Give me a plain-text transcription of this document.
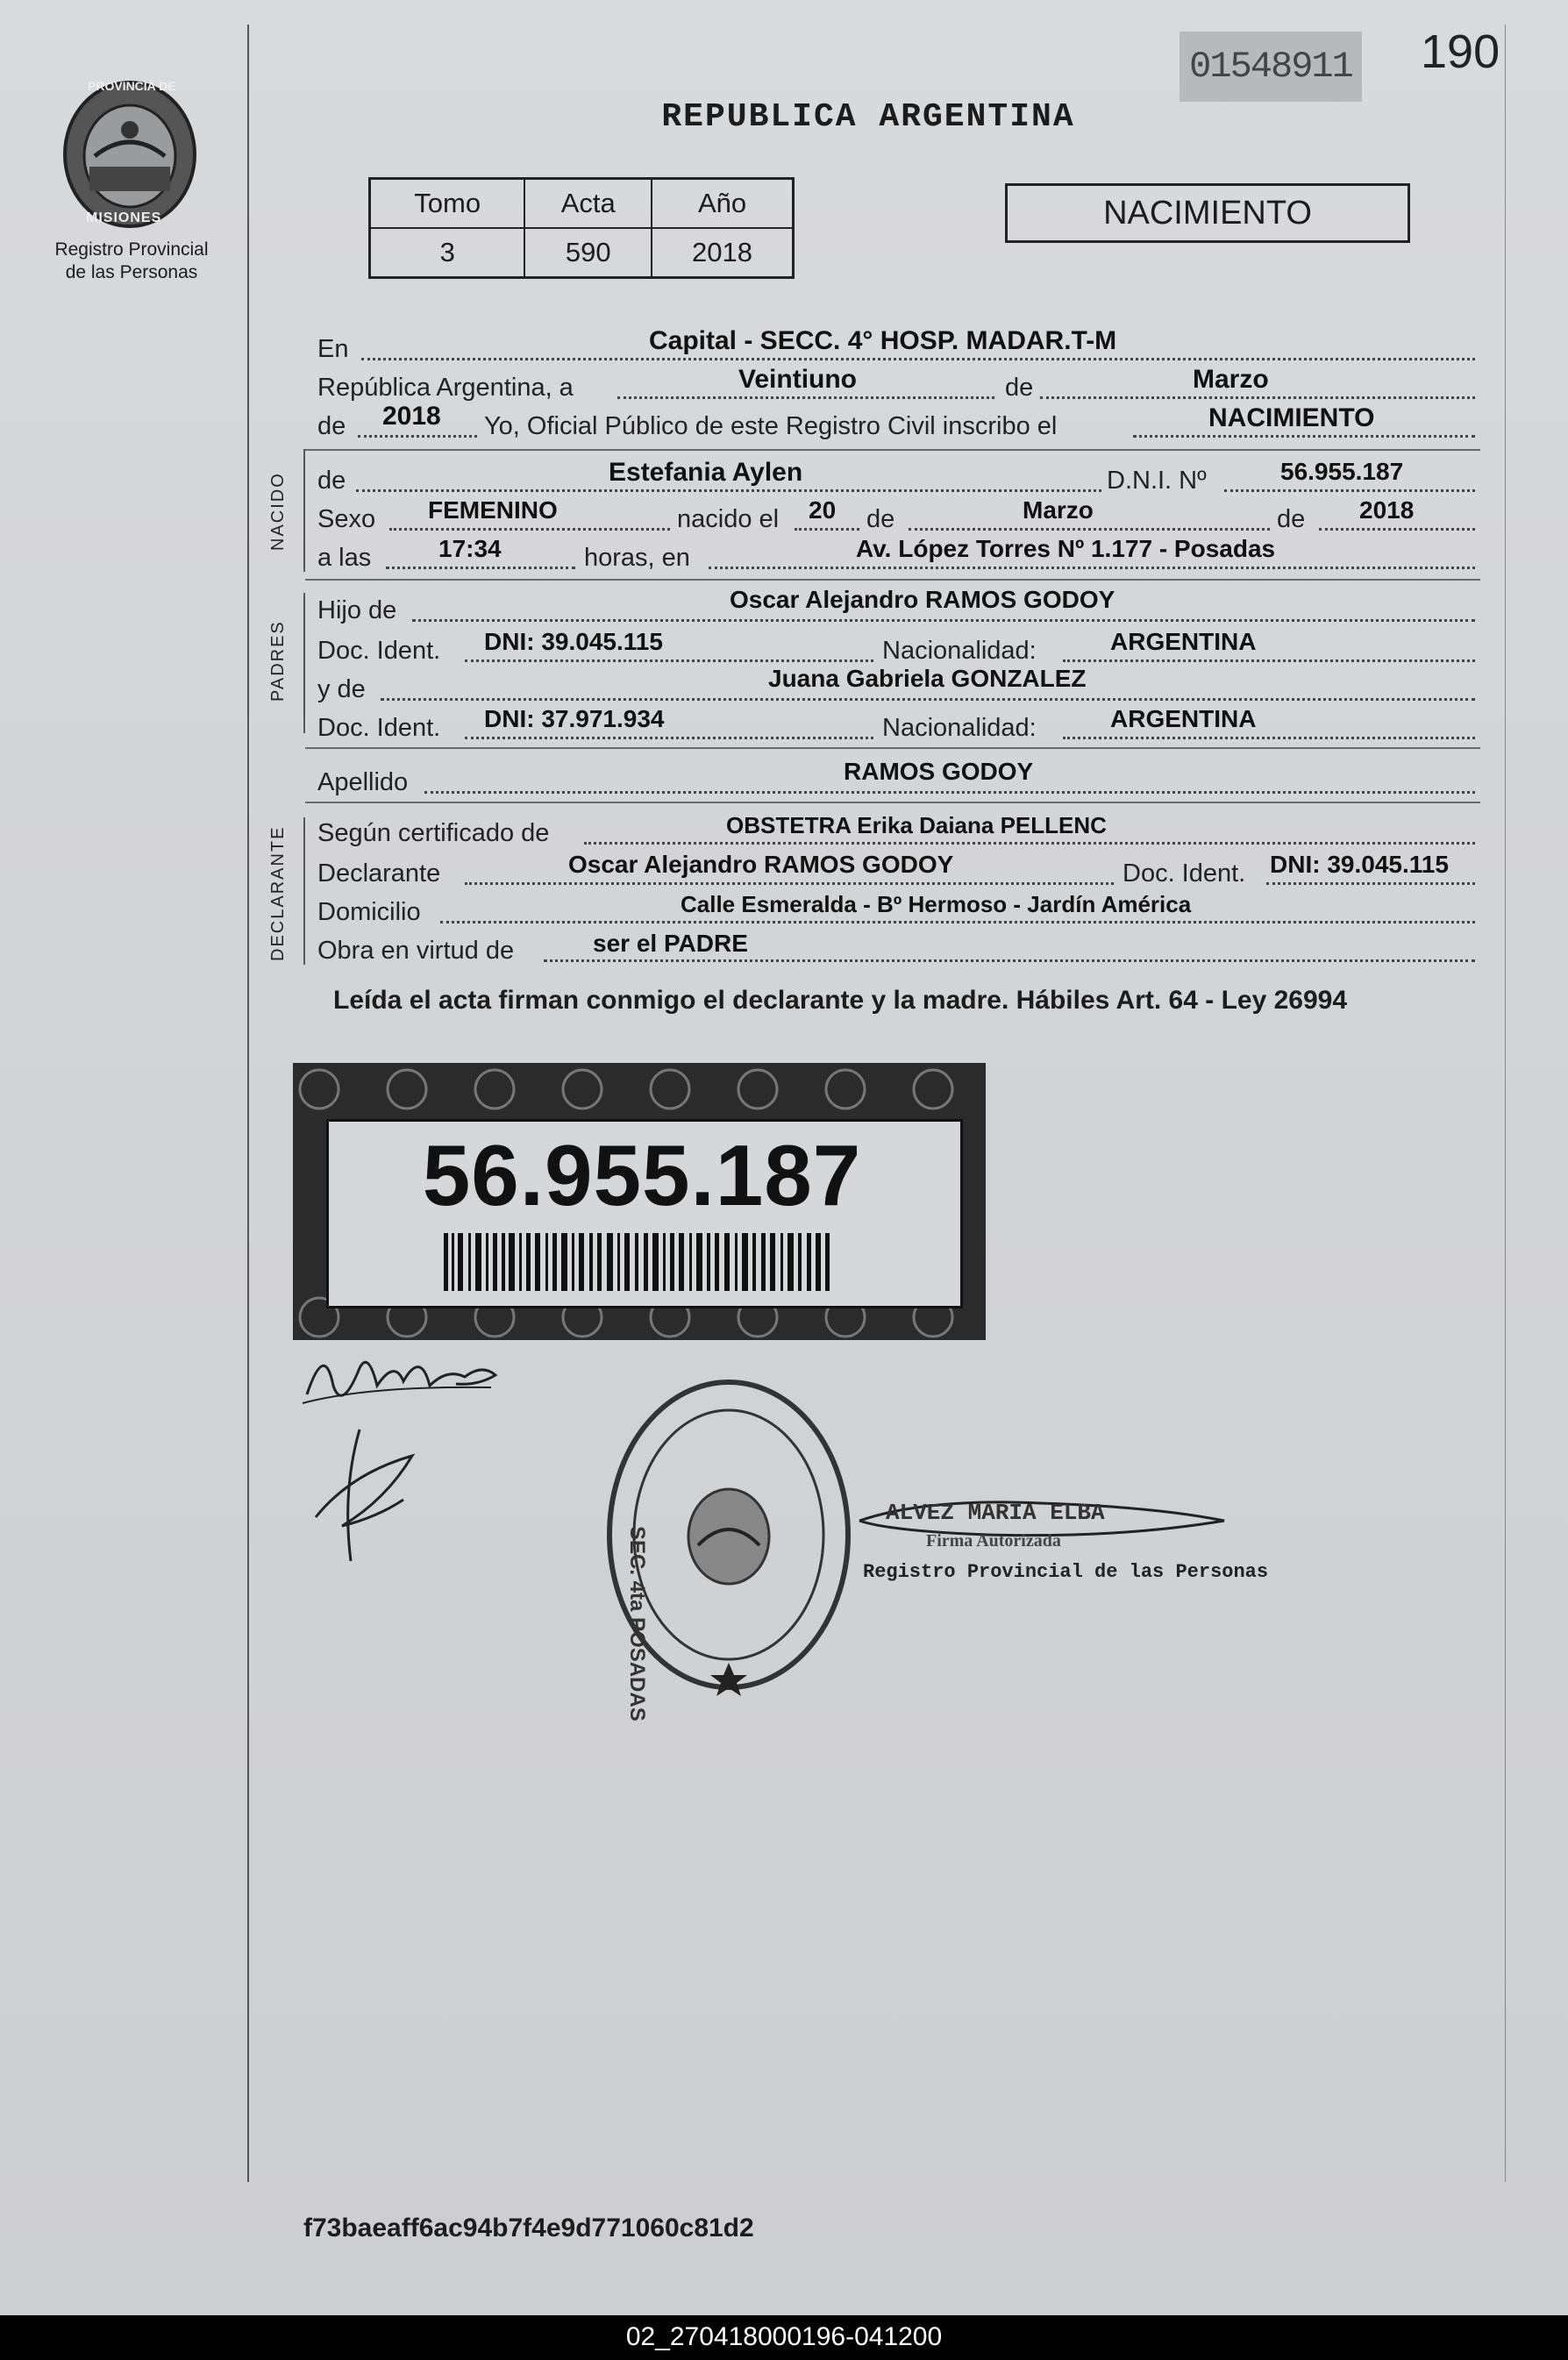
PROVINCIA DE
MISIONES
Registro Provincial
de las Personas
01548911 190
REPUBLICA ARGENTINA
Tomo	Acta	Año
3	590	2018
NACIMIENTO
En	Capital - SECC. 4° HOSP. MADAR.T-M
República Argentina, a	Veintiuno	de	Marzo
de 2018 Yo, Oficial Público de este Registro Civil inscribo el	NACIMIENTO
NACIDO de	Estefania Aylen	D.N.I. Nº	56.955.187
Sexo FEMENINO	nacido el 20 de	Marzo	de 2018
a las	17:34	horas, en	Av. López Torres Nº 1.177 - Posadas
PADRES
Hijo de	Oscar Alejandro RAMOS GODOY
Doc. Ident. DNI: 39.045.115	Nacionalidad:	ARGENTINA
y de	Juana Gabriela GONZALEZ
Doc. Ident. DNI: 37.971.934	Nacionalidad:	ARGENTINA
Apellido	RAMOS GODOY
DECLARANTE Según certificado de	OBSTETRA Erika Daiana PELLENC
Declarante	Oscar Alejandro RAMOS GODOY	Doc. Ident. DNI: 39.045.115
Domicilio	Calle Esmeralda - Bº Hermoso - Jardín América
Obra en virtud de	ser el PADRE
Leída el acta firman conmigo el declarante y la madre. Hábiles Art. 64 - Ley 26994
56.955.187
SEC. 4ta POSADAS
ALVEZ MARIA ELBA
Firma Autorizada
Registro Provincial de las Personas
f73baeaff6ac94b7f4e9d771060c81d2
02_270418000196-041200
